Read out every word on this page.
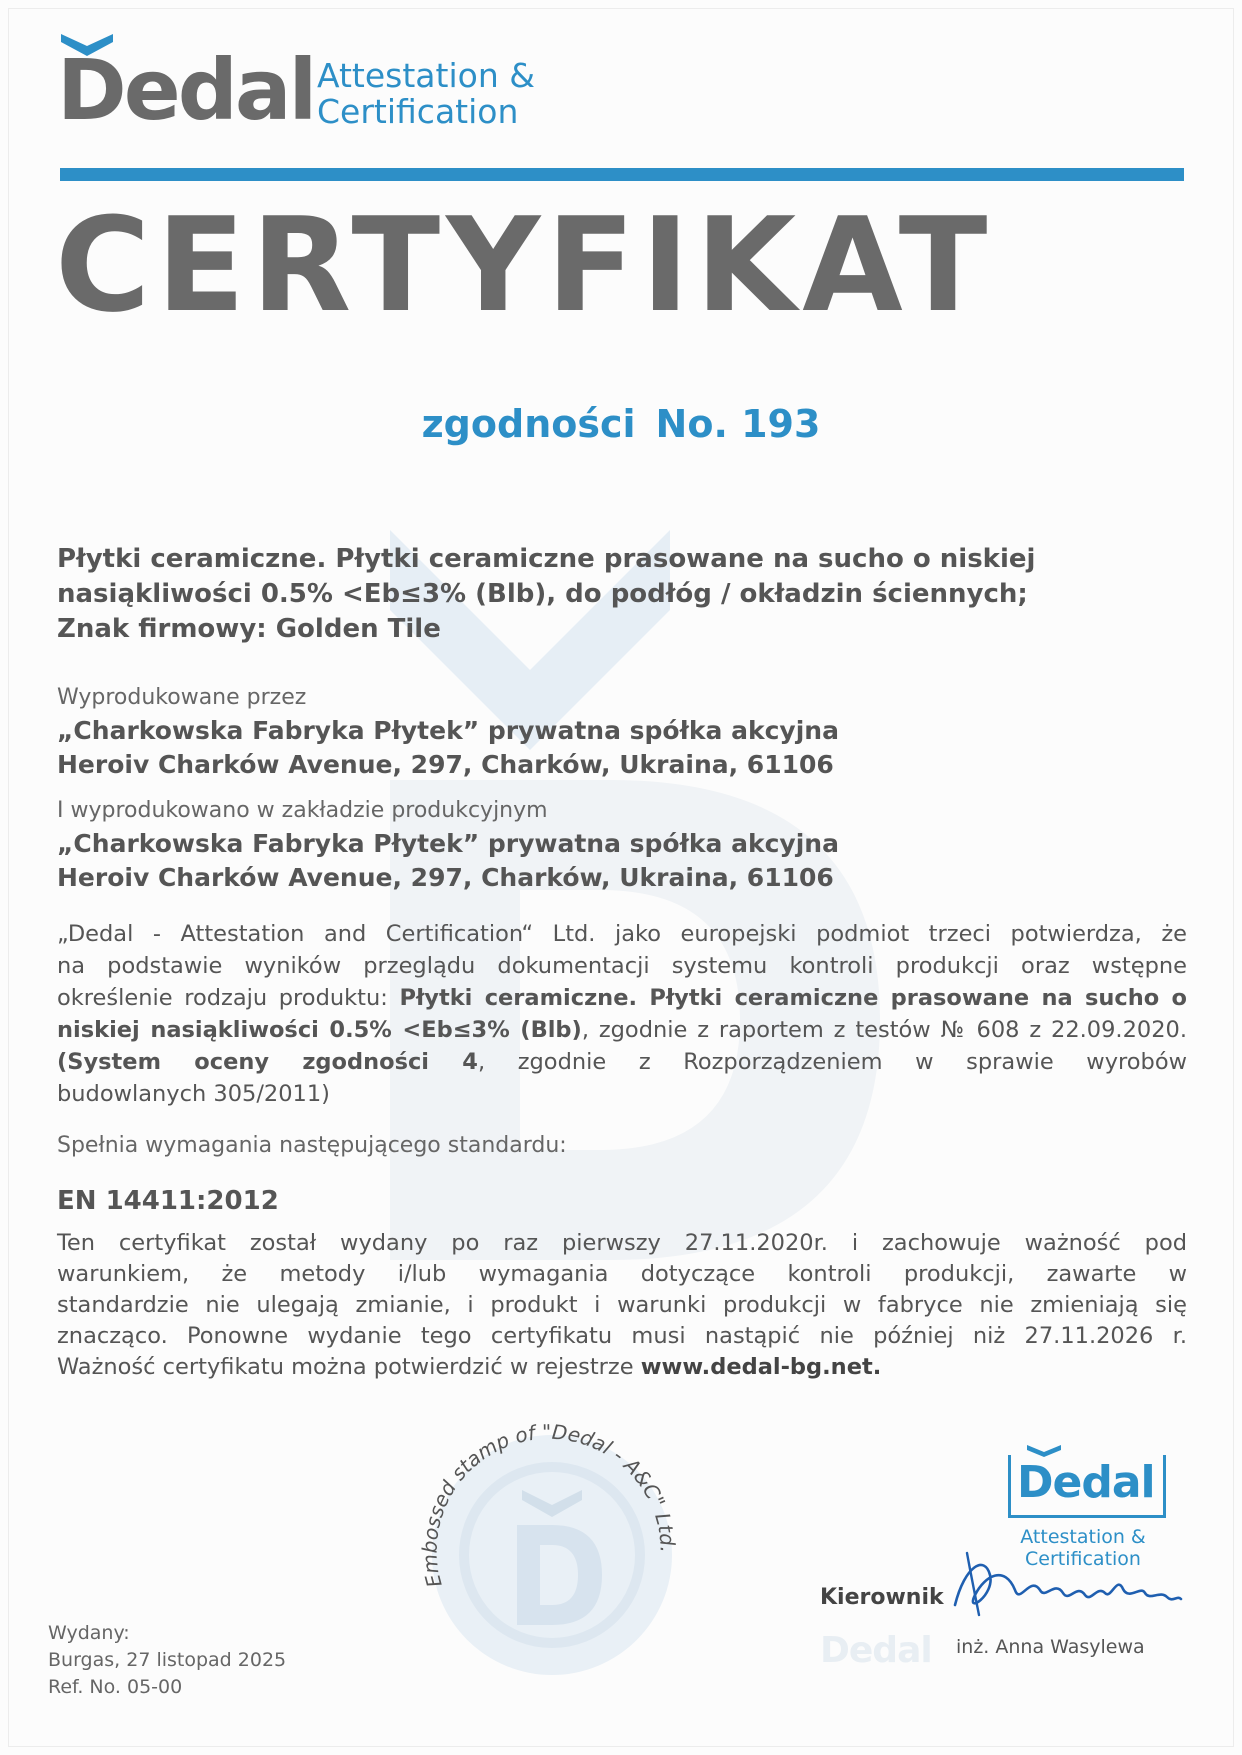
Dedal Attestation &
Certification
CERTYFIKAT
zgodności No. 193
Płytki ceramiczne. Płytki ceramiczne prasowane na sucho o niskiej
nasiąkliwości 0.5% <Eb≤3% (Blb), do podłóg / okładzin ściennych;
Znak firmowy: Golden Tile
Wyprodukowane przez
„Charkowska Fabryka Płytek” prywatna spółka akcyjna
Heroiv Charków Avenue, 297, Charków, Ukraina, 61106
I wyprodukowano w zakładzie produkcyjnym
„Charkowska Fabryka Płytek” prywatna spółka akcyjna
Heroiv Charków Avenue, 297, Charków, Ukraina, 61106
„Dedal - Attestation and Certification“ Ltd. jako europejski podmiot trzeci potwierdza, że
na podstawie wyników przeglądu dokumentacji systemu kontroli produkcji oraz wstępne
określenie rodzaju produktu: Płytki ceramiczne. Płytki ceramiczne prasowane na sucho o
niskiej nasiąkliwości 0.5% <Eb≤3% (Blb), zgodnie z raportem z testów № 608 z 22.09.2020.
(System oceny zgodności 4, zgodnie z Rozporządzeniem w sprawie wyrobów
budowlanych 305/2011)
Spełnia wymagania następującego standardu:
EN 14411:2012
Ten certyfikat został wydany po raz pierwszy 27.11.2020r. i zachowuje ważność pod
warunkiem, że metody i/lub wymagania dotyczące kontroli produkcji, zawarte w
standardzie nie ulegają zmianie, i produkt i warunki produkcji w fabryce nie zmieniają się
znacząco. Ponowne wydanie tego certyfikatu musi nastąpić nie później niż 27.11.2026 r.
Ważność certyfikatu można potwierdzić w rejestrze www.dedal-bg.net.
Embossed stamp of "Dedal - A&C" Ltd.
Wydany:
Burgas, 27 listopad 2025
Ref. No. 05-00
Dedal
Attestation &
Certification
Dedal
Kierownik
inż. Anna Wasylewa
